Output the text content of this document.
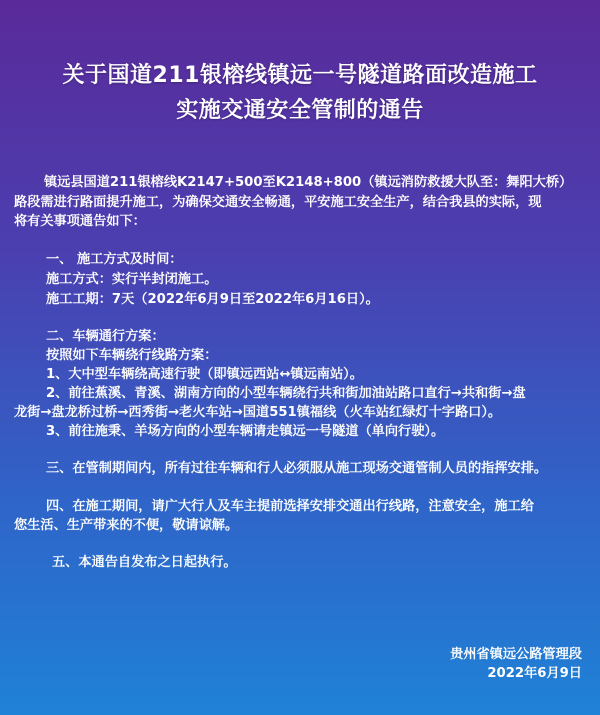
关于国道211银榕线镇远一号隧道路面改造施工
实施交通安全管制的通告

镇远县国道211银榕线K2147+500至K2148+800（镇远消防救援大队至：舞阳大桥）

路段需进行路面提升施工，为确保交通安全畅通，平安施工安全生产，结合我县的实际，现

将有关事项通告如下：

一、 施工方式及时间：

施工方式：实行半封闭施工。

施工工期：7天（2022年6月9日至2022年6月16日）。

二、车辆通行方案：

按照如下车辆绕行线路方案：

1、大中型车辆绕高速行驶（即镇远西站↔镇远南站）。

2、前往蕉溪、青溪、湖南方向的小型车辆绕行共和街加油站路口直行→共和街→盘

龙街→盘龙桥过桥→西秀街→老火车站→国道551镇福线（火车站红绿灯十字路口）。

3、前往施秉、羊场方向的小型车辆请走镇远一号隧道（单向行驶）。

三、在管制期间内，所有过往车辆和行人必须服从施工现场交通管制人员的指挥安排。

四、在施工期间，请广大行人及车主提前选择安排交通出行线路，注意安全，施工给

您生活、生产带来的不便，敬请谅解。

五、本通告自发布之日起执行。

贵州省镇远公路管理段

2022年6月9日
